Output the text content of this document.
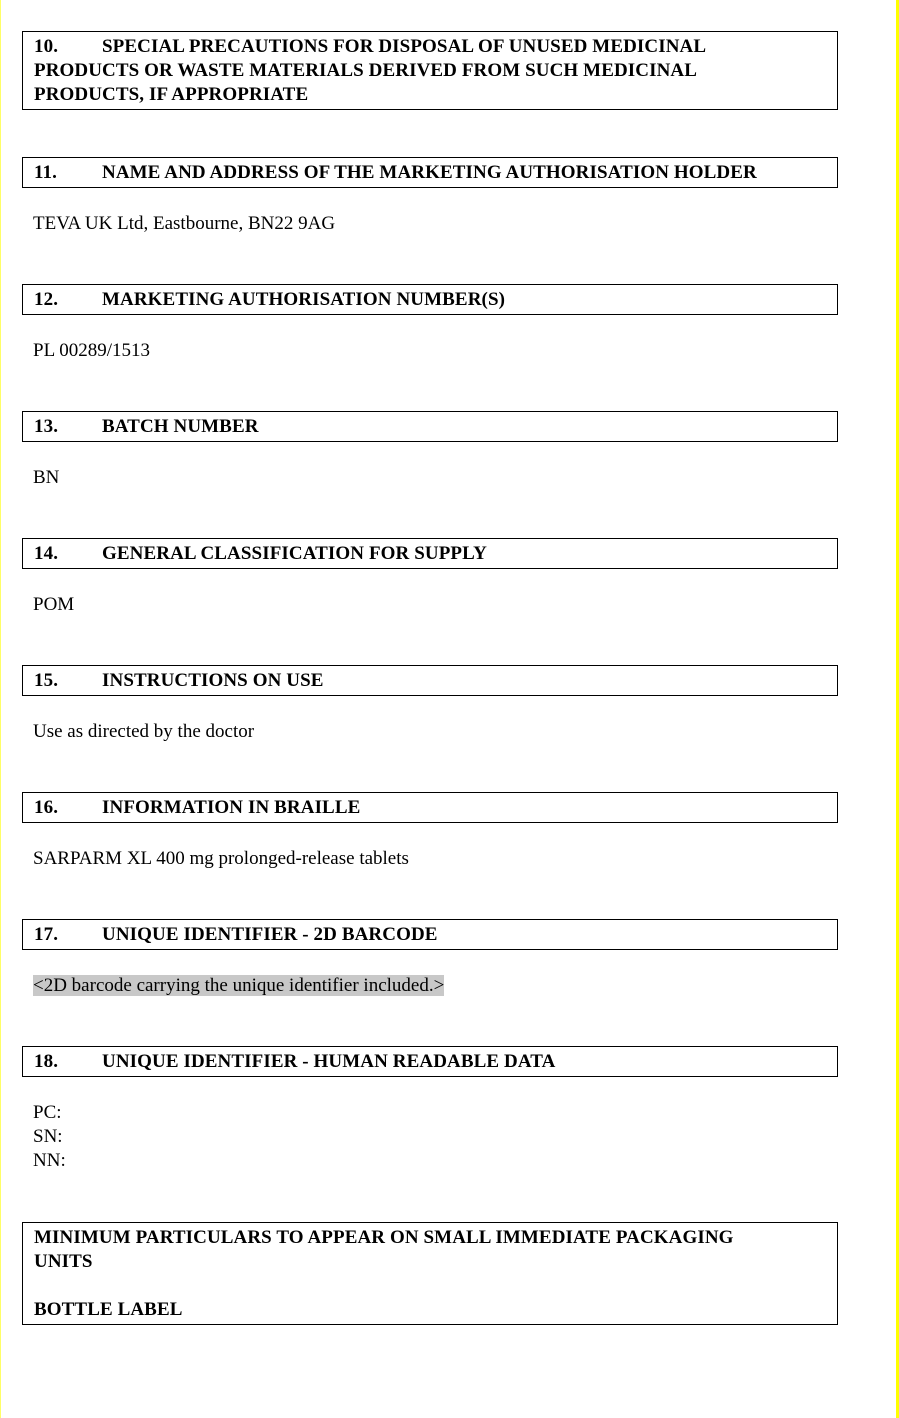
10. SPECIAL PRECAUTIONS FOR DISPOSAL OF UNUSED MEDICINAL
PRODUCTS OR WASTE MATERIALS DERIVED FROM SUCH MEDICINAL
PRODUCTS, IF APPROPRIATE
11. NAME AND ADDRESS OF THE MARKETING AUTHORISATION HOLDER
TEVA UK Ltd, Eastbourne, BN22 9AG
12. MARKETING AUTHORISATION NUMBER(S)
PL 00289/1513
13. BATCH NUMBER
BN
14. GENERAL CLASSIFICATION FOR SUPPLY
POM
15. INSTRUCTIONS ON USE
Use as directed by the doctor
16. INFORMATION IN BRAILLE
SARPARM XL 400 mg prolonged-release tablets
17. UNIQUE IDENTIFIER - 2D BARCODE
<2D barcode carrying the unique identifier included.>
18. UNIQUE IDENTIFIER - HUMAN READABLE DATA
PC:
SN:
NN:
MINIMUM PARTICULARS TO APPEAR ON SMALL IMMEDIATE PACKAGING
UNITS
BOTTLE LABEL
